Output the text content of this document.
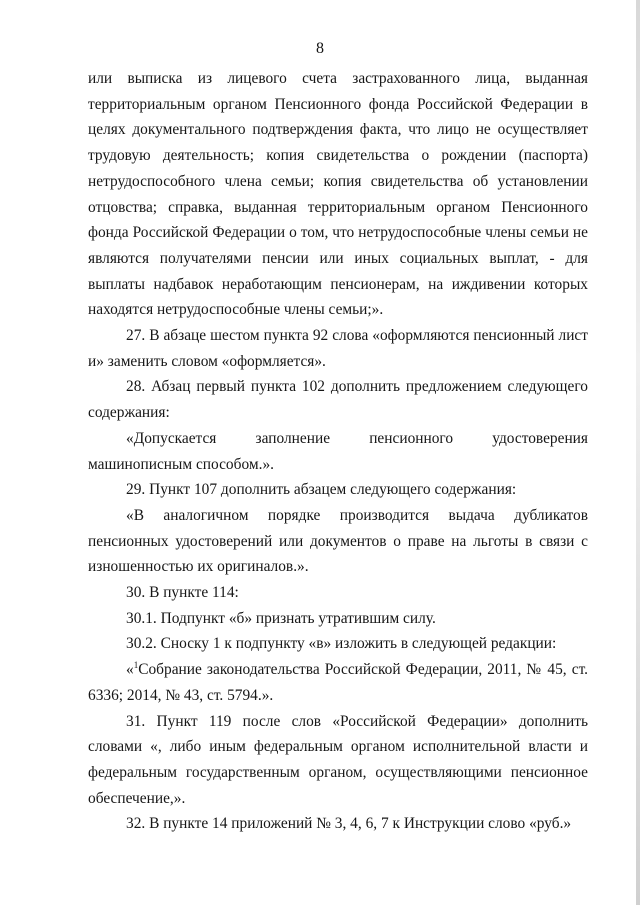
8

или выписка из лицевого счета застрахованного лица, выданная территориальным органом Пенсионного фонда Российской Федерации в целях документального подтверждения факта, что лицо не осуществляет трудовую деятельность; копия свидетельства о рождении (паспорта) нетрудоспособного члена семьи; копия свидетельства об установлении отцовства; справка, выданная территориальным органом Пенсионного фонда Российской Федерации о том, что нетрудоспособные члены семьи не являются получателями пенсии или иных социальных выплат, - для выплаты надбавок неработающим пенсионерам, на иждивении которых находятся нетрудоспособные члены семьи;».

27. В абзаце шестом пункта 92 слова «оформляются пенсионный лист и» заменить словом «оформляется».

28. Абзац первый пункта 102 дополнить предложением следующего содержания:

«Допускается заполнение пенсионного удостоверения машинописным способом.».

29. Пункт 107 дополнить абзацем следующего содержания:

«В аналогичном порядке производится выдача дубликатов пенсионных удостоверений или документов о праве на льготы в связи с изношенностью их оригиналов.».

30. В пункте 114:

30.1. Подпункт «б» признать утратившим силу.

30.2. Сноску 1 к подпункту «в» изложить в следующей редакции:

«$^1$Собрание законодательства Российской Федерации, 2011, № 45, ст. 6336; 2014, № 43, ст. 5794.».

31. Пункт 119 после слов «Российской Федерации» дополнить словами «, либо иным федеральным органом исполнительной власти и федеральным государственным органом, осуществляющими пенсионное обеспечение,».

32. В пункте 14 приложений № 3, 4, 6, 7 к Инструкции слово «руб.»
